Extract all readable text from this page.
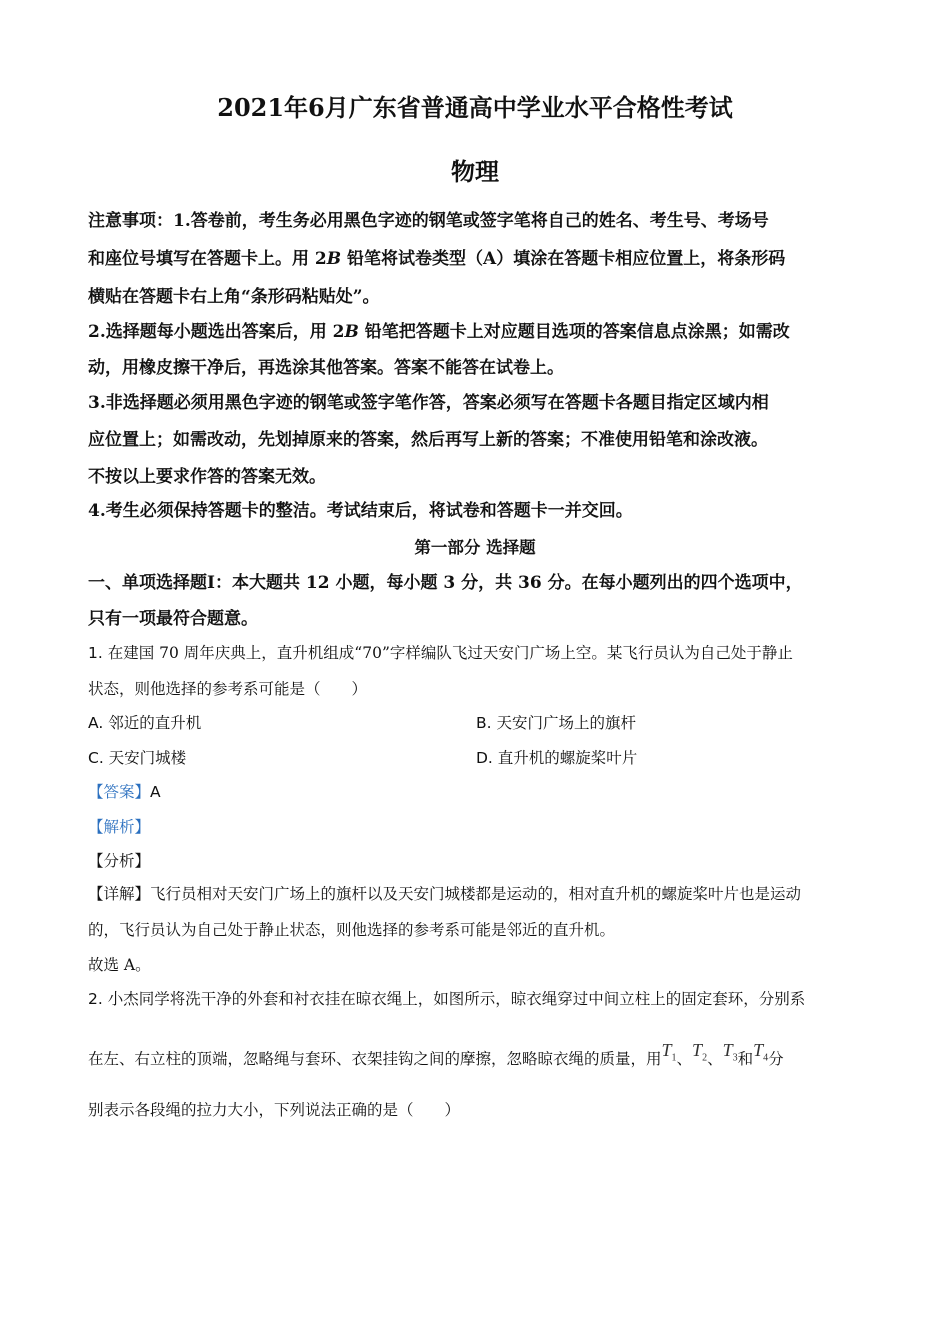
2021年6月广东省普通高中学业水平合格性考试
物理
注意事项：1.答卷前，考生务必用黑色字迹的钢笔或签字笔将自己的姓名、考生号、考场号
和座位号填写在答题卡上。用 2B 铅笔将试卷类型（A）填涂在答题卡相应位置上，将条形码
横贴在答题卡右上角“条形码粘贴处”。
2.选择题每小题选出答案后，用 2B 铅笔把答题卡上对应题目选项的答案信息点涂黑；如需改
动，用橡皮擦干净后，再选涂其他答案。答案不能答在试卷上。
3.非选择题必须用黑色字迹的钢笔或签字笔作答，答案必须写在答题卡各题目指定区域内相
应位置上；如需改动，先划掉原来的答案，然后再写上新的答案；不准使用铅笔和涂改液。
不按以上要求作答的答案无效。
4.考生必须保持答题卡的整洁。考试结束后，将试卷和答题卡一并交回。
第一部分 选择题
一、单项选择题Ⅰ：本大题共 12 小题，每小题 3 分，共 36 分。在每小题列出的四个选项中，
只有一项最符合题意。
1. 在建国 70 周年庆典上，直升机组成“70”字样编队飞过天安门广场上空。某飞行员认为自己处于静止
状态，则他选择的参考系可能是（　　）
A. 邻近的直升机	B. 天安门广场上的旗杆
C. 天安门城楼	D. 直升机的螺旋桨叶片
【答案】A
【解析】
【分析】
【详解】飞行员相对天安门广场上的旗杆以及天安门城楼都是运动的，相对直升机的螺旋桨叶片也是运动
的，飞行员认为自己处于静止状态，则他选择的参考系可能是邻近的直升机。
故选 A。
2. 小杰同学将洗干净的外套和衬衣挂在晾衣绳上，如图所示，晾衣绳穿过中间立柱上的固定套环，分别系
在左、右立柱的顶端，忽略绳与套环、衣架挂钩之间的摩擦，忽略晾衣绳的质量，用$T_1$、$T_2$、$T_3$和$T_4$分
别表示各段绳的拉力大小，下列说法正确的是（　　）
